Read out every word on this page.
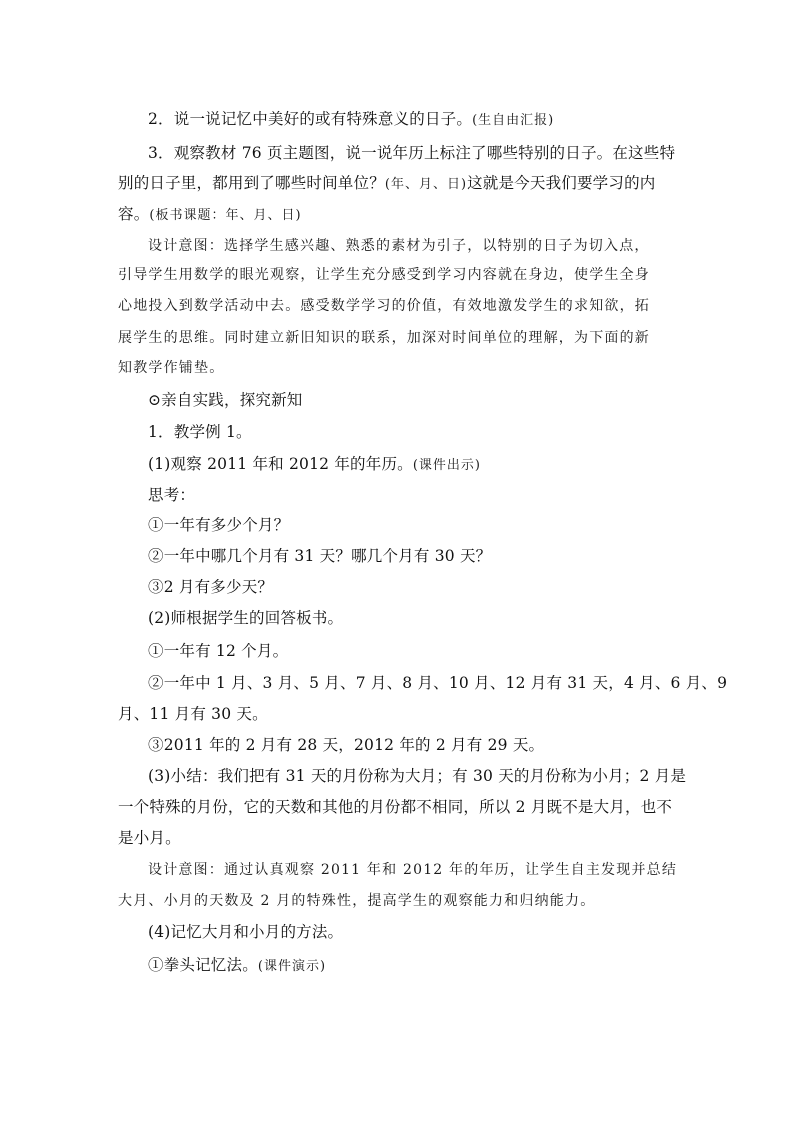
2．说一说记忆中美好的或有特殊意义的日子。(生自由汇报)
3．观察教材 76 页主题图，说一说年历上标注了哪些特别的日子。在这些特
别的日子里，都用到了哪些时间单位？(年、月、日)这就是今天我们要学习的内
容。(板书课题：年、月、日)
设计意图：选择学生感兴趣、熟悉的素材为引子，以特别的日子为切入点，
引导学生用数学的眼光观察，让学生充分感受到学习内容就在身边，使学生全身
心地投入到数学活动中去。感受数学学习的价值，有效地激发学生的求知欲，拓
展学生的思维。同时建立新旧知识的联系，加深对时间单位的理解，为下面的新
知教学作铺垫。
⊙亲自实践，探究新知
1．教学例 1。
(1)观察 2011 年和 2012 年的年历。(课件出示)
思考：
①一年有多少个月？
②一年中哪几个月有 31 天？哪几个月有 30 天？
③2 月有多少天？
(2)师根据学生的回答板书。
①一年有 12 个月。
②一年中 1 月、3 月、5 月、7 月、8 月、10 月、12 月有 31 天，4 月、6 月、9
月、11 月有 30 天。
③2011 年的 2 月有 28 天，2012 年的 2 月有 29 天。
(3)小结：我们把有 31 天的月份称为大月；有 30 天的月份称为小月；2 月是
一个特殊的月份，它的天数和其他的月份都不相同，所以 2 月既不是大月，也不
是小月。
设计意图：通过认真观察 2011 年和 2012 年的年历，让学生自主发现并总结
大月、小月的天数及 2 月的特殊性，提高学生的观察能力和归纳能力。
(4)记忆大月和小月的方法。
①拳头记忆法。(课件演示)
